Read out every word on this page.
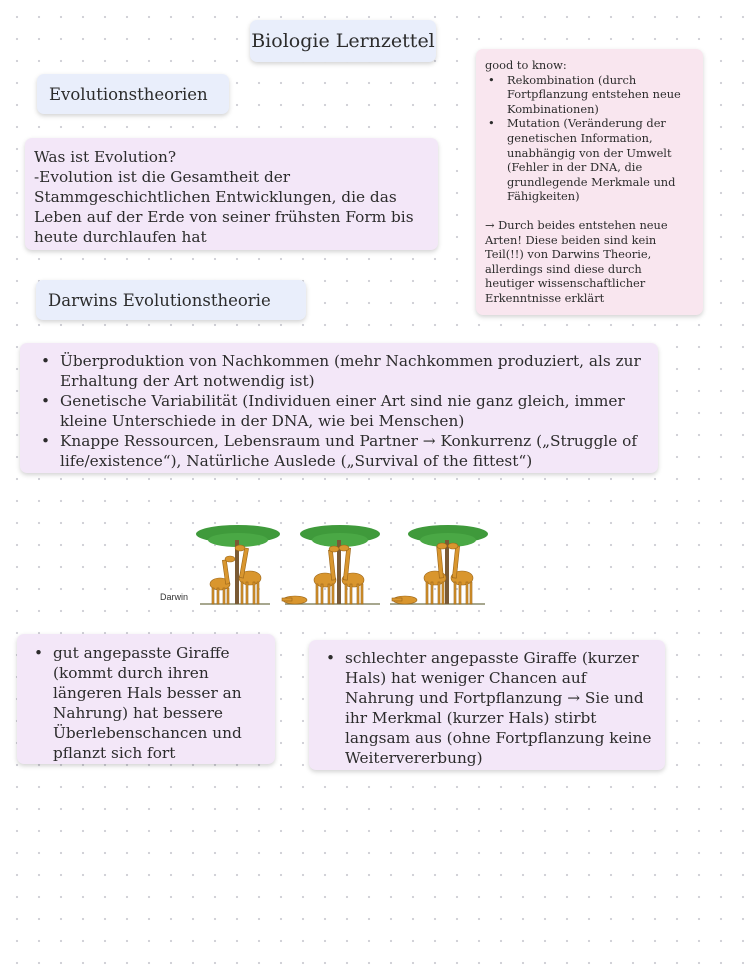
Biologie Lernzettel
Evolutionstheorien
Was ist Evolution?
-Evolution ist die Gesamtheit der Stammgeschichtlichen Entwicklungen, die das Leben auf der Erde von seiner frühsten Form bis heute durchlaufen hat
good to know:
• Rekombination (durch Fortpflanzung entstehen neue Kombinationen)
• Mutation (Veränderung der genetischen Information, unabhängig von der Umwelt (Fehler in der DNA, die grundlegende Merkmale und Fähigkeiten)
→ Durch beides entstehen neue Arten! Diese beiden sind kein Teil(!!) von Darwins Theorie, allerdings sind diese durch heutiger wissenschaftlicher Erkenntnisse erklärt
Darwins Evolutionstheorie
• Überproduktion von Nachkommen (mehr Nachkommen produziert, als zur Erhaltung der Art notwendig ist)
• Genetische Variabilität (Individuen einer Art sind nie ganz gleich, immer kleine Unterschiede in der DNA, wie bei Menschen)
• Knappe Ressourcen, Lebensraum und Partner → Konkurrenz („Struggle of life/existence“), Natürliche Auslede („Survival of the fittest“)
Darwin
• gut angepasste Giraffe (kommt durch ihren längeren Hals besser an Nahrung) hat bessere Überlebenschancen und pflanzt sich fort
• schlechter angepasste Giraffe (kurzer Hals) hat weniger Chancen auf Nahrung und Fortpflanzung → Sie und ihr Merkmal (kurzer Hals) stirbt langsam aus (ohne Fortpflanzung keine Weitervererbung)
